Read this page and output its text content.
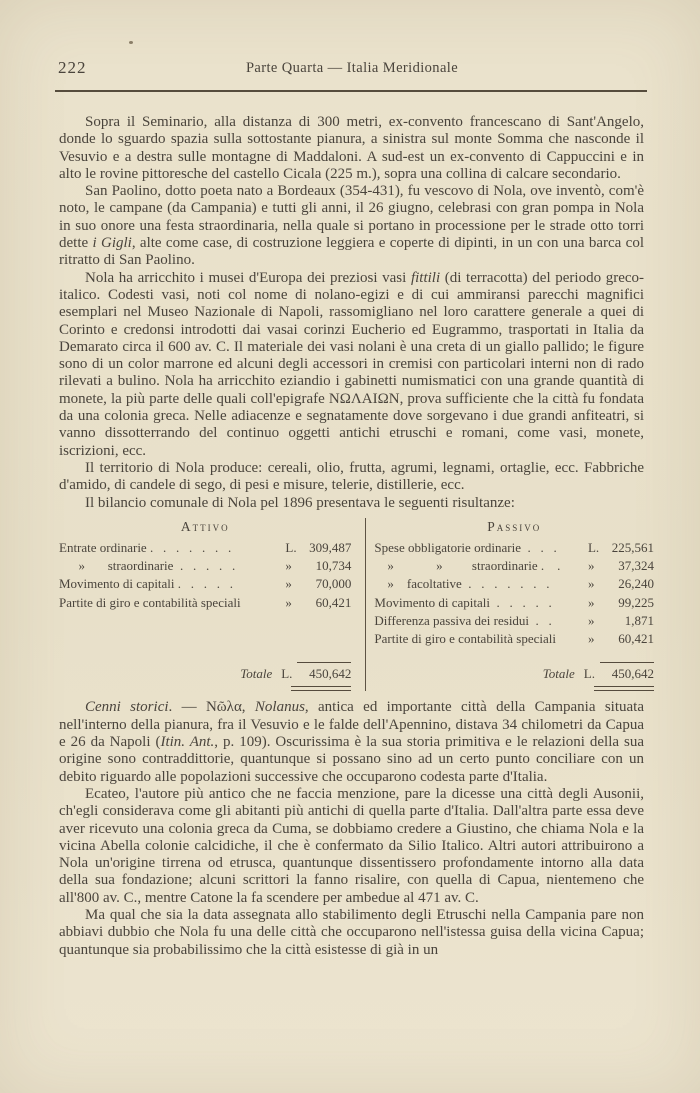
222	Parte Quarta — Italia Meridionale

Sopra il Seminario, alla distanza di 300 metri, ex-convento francescano di Sant'Angelo, donde lo sguardo spazia sulla sottostante pianura, a sinistra sul monte Somma che nasconde il Vesuvio e a destra sulle montagne di Maddaloni. A sud-est un ex-convento di Cappuccini e in alto le rovine pittoresche del castello Cicala (225 m.), sopra una collina di calcare secondario.

San Paolino, dotto poeta nato a Bordeaux (354-431), fu vescovo di Nola, ove inventò, com'è noto, le campane (da Campania) e tutti gli anni, il 26 giugno, celebrasi con gran pompa in Nola in suo onore una festa straordinaria, nella quale si portano in processione per le strade otto torri dette i Gigli, alte come case, di costruzione leggiera e coperte di dipinti, in un con una barca col ritratto di San Paolino.

Nola ha arricchito i musei d'Europa dei preziosi vasi fittili (di terracotta) del periodo greco-italico. Codesti vasi, noti col nome di nolano-egizi e di cui ammiransi parecchi magnifici esemplari nel Museo Nazionale di Napoli, rassomigliano nel loro carattere generale a quei di Corinto e credonsi introdotti dai vasai corinzi Eucherio ed Eugrammo, trasportati in Italia da Demarato circa il 600 av. C. Il materiale dei vasi nolani è una creta di un giallo pallido; le figure sono di un color marrone ed alcuni degli accessori in cremisi con particolari interni non di rado rilevati a bulino. Nola ha arricchito eziandio i gabinetti numismatici con una grande quantità di monete, la più parte delle quali coll'epigrafe ΝΩΛΑΙΩΝ, prova sufficiente che la città fu fondata da una colonia greca. Nelle adiacenze e segnatamente dove sorgevano i due grandi anfiteatri, si vanno dissotterrando del continuo oggetti antichi etruschi e romani, come vasi, monete, iscrizioni, ecc.

Il territorio di Nola produce: cereali, olio, frutta, agrumi, legnami, ortaglie, ecc. Fabbriche d'amido, di candele di sego, di pesi e misure, telerie, distillerie, ecc.

Il bilancio comunale di Nola pel 1896 presentava le seguenti risultanze:

Attivo
Entrate ordinarie .   .   .   .   .   .   .	L. 309,487
»       straordinarie  .   .   .   .   .	»	10,734
Movimento di capitali .   .   .   .   .	»	70,000
Partite di giro e contabilità speciali	»	60,421
Totale L.	450,642
Passivo
Spese obbligatorie ordinarie  .   .   .	L. 225,561
»             »         straordinarie .    .	»	37,324
»    facoltative  .   .   .   .   .   .   .	»	26,240
Movimento di capitali  .   .   .   .   .	»	99,225
Differenza passiva dei residui  .   .	»	1,871
Partite di giro e contabilità speciali	»	60,421
Totale L.	450,642

Cenni storici. — Νῶλα, Nolanus, antica ed importante città della Campania situata nell'interno della pianura, fra il Vesuvio e le falde dell'Apennino, distava 34 chilometri da Capua e 26 da Napoli (Itin. Ant., p. 109). Oscurissima è la sua storia primitiva e le relazioni della sua origine sono contraddittorie, quantunque si possano sino ad un certo punto conciliare con un debito riguardo alle popolazioni successive che occuparono codesta parte d'Italia.

Ecateo, l'autore più antico che ne faccia menzione, pare la dicesse una città degli Ausonii, ch'egli considerava come gli abitanti più antichi di quella parte d'Italia. Dall'altra parte essa deve aver ricevuto una colonia greca da Cuma, se dobbiamo credere a Giustino, che chiama Nola e la vicina Abella colonie calcidiche, il che è confermato da Silio Italico. Altri autori attribuirono a Nola un'origine tirrena od etrusca, quantunque dissentissero profondamente intorno alla data della sua fondazione; alcuni scrittori la fanno risalire, con quella di Capua, nientemeno che all'800 av. C., mentre Catone la fa scendere per ambedue al 471 av. C.

Ma qual che sia la data assegnata allo stabilimento degli Etruschi nella Campania pare non abbiavi dubbio che Nola fu una delle città che occuparono nell'istessa guisa della vicina Capua; quantunque sia probabilissimo che la città esistesse di già in un
